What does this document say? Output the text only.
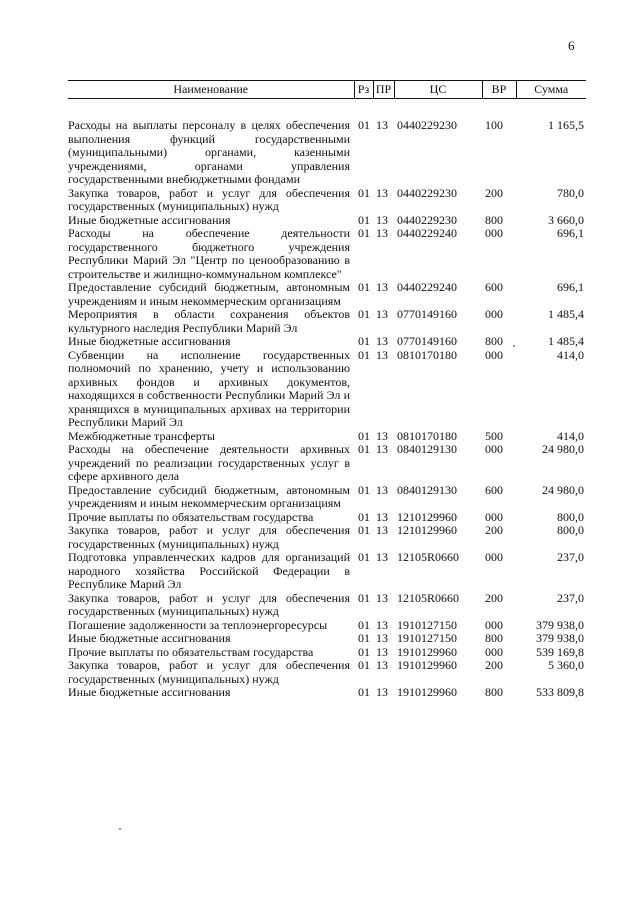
6
Наименование	Рз	ПР	ЦС	ВР	Сумма
Расходы на выплаты персоналу в целях обеспечения выполнения функций государственными (муниципальными) органами, казенными учреждениями, органами управления государственными внебюджетными фондами	01	13	0440229230	100	1 165,5
Закупка товаров, работ и услуг для обеспечения государственных (муниципальных) нужд	01	13	0440229230	200	780,0
Иные бюджетные ассигнования	01	13	0440229230	800	3 660,0
Расходы на обеспечение деятельности государственного бюджетного учреждения Республики Марий Эл "Центр по ценообразованию в строительстве и жилищно-коммунальном комплексе"	01	13	0440229240	000	696,1
Предоставление субсидий бюджетным, автономным учреждениям и иным некоммерческим организациям	01	13	0440229240	600	696,1
Мероприятия в области сохранения объектов культурного наследия Республики Марий Эл	01	13	0770149160	000	1 485,4
Иные бюджетные ассигнования	01	13	0770149160	800	1 485,4
Субвенции на исполнение государственных полномочий по хранению, учету и использованию архивных фондов и архивных документов, находящихся в собственности Республики Марий Эл и хранящихся в муниципальных архивах на территории Республики Марий Эл	01	13	0810170180	000	414,0
Межбюджетные трансферты	01	13	0810170180	500	414,0
Расходы на обеспечение деятельности архивных учреждений по реализации государственных услуг в сфере архивного дела	01	13	0840129130	000	24 980,0
Предоставление субсидий бюджетным, автономным учреждениям и иным некоммерческим организациям	01	13	0840129130	600	24 980,0
Прочие выплаты по обязательствам государства	01	13	1210129960	000	800,0
Закупка товаров, работ и услуг для обеспечения государственных (муниципальных) нужд	01	13	1210129960	200	800,0
Подготовка управленческих кадров для организаций народного хозяйства Российской Федерации в Республике Марий Эл	01	13	12105R0660	000	237,0
Закупка товаров, работ и услуг для обеспечения государственных (муниципальных) нужд	01	13	12105R0660	200	237,0
Погашение задолженности за теплоэнергоресурсы	01	13	1910127150	000	379 938,0
Иные бюджетные ассигнования	01	13	1910127150	800	379 938,0
Прочие выплаты по обязательствам государства	01	13	1910129960	000	539 169,8
Закупка товаров, работ и услуг для обеспечения государственных (муниципальных) нужд	01	13	1910129960	200	5 360,0
Иные бюджетные ассигнования	01	13	1910129960	800	533 809,8
